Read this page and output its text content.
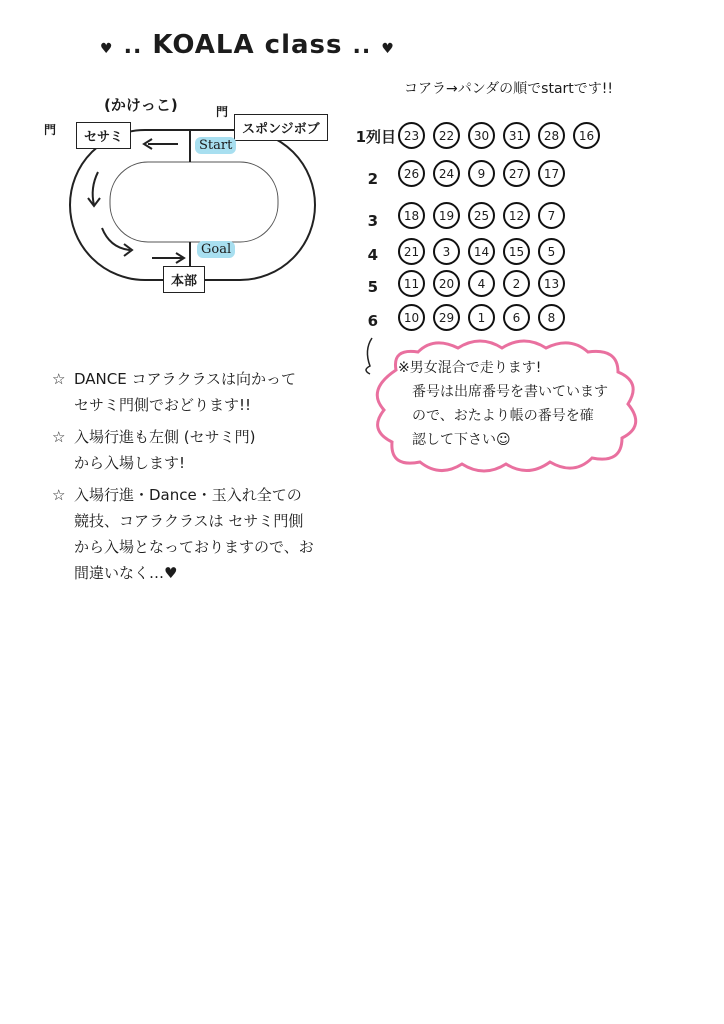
♥ .. KOALA class .. ♥
(かけっこ)
門
門
セサミ
スポンジボブ
本部
Start
Goal
コアラ→パンダの順でstartです!!
1列目 23	22	30	31	28	16
2	26	24	9	27	17
3	18	19	25	12	7
4	21	3	14	15	5
5	11	20	4	2	13
6	10	29	1	6	8
※男女混合で走ります!
番号は出席番号を書いています
ので、おたより帳の番号を確
認して下さい☺
☆ DANCE コアラクラスは向かって
セサミ門側でおどります!!
☆ 入場行進も左側 (セサミ門)
から入場します!
☆ 入場行進・Dance・玉入れ全ての
競技、コアラクラスは セサミ門側
から入場となっておりますので、お
間違いなく…♥
